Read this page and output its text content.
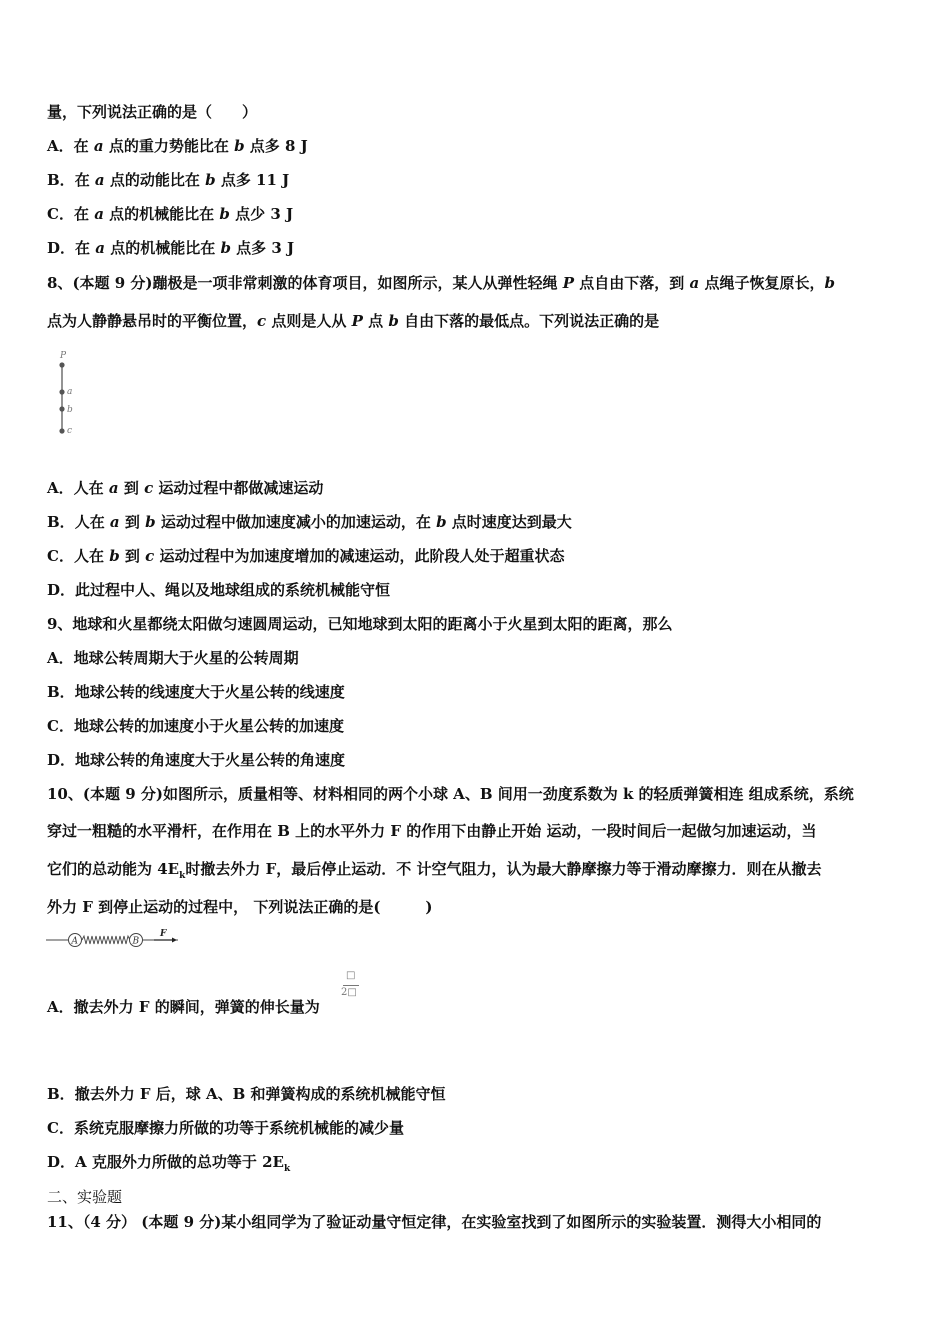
量，下列说法正确的是（　　）
A．在 a 点的重力势能比在 b 点多 8 J
B．在 a 点的动能比在 b 点多 11 J
C．在 a 点的机械能比在 b 点少 3 J
D．在 a 点的机械能比在 b 点多 3 J
8、(本题 9 分)蹦极是一项非常刺激的体育项目，如图所示，某人从弹性轻绳 P 点自由下落，到 a 点绳子恢复原长，b
点为人静静悬吊时的平衡位置，c 点则是人从 P 点 b 自由下落的最低点。下列说法正确的是
P
a
b
c
A．人在 a 到 c 运动过程中都做减速运动
B．人在 a 到 b 运动过程中做加速度减小的加速运动，在 b 点时速度达到最大
C．人在 b 到 c 运动过程中为加速度增加的减速运动，此阶段人处于超重状态
D．此过程中人、绳以及地球组成的系统机械能守恒
9、地球和火星都绕太阳做匀速圆周运动，已知地球到太阳的距离小于火星到太阳的距离，那么
A．地球公转周期大于火星的公转周期
B．地球公转的线速度大于火星公转的线速度
C．地球公转的加速度小于火星公转的加速度
D．地球公转的角速度大于火星公转的角速度
10、(本题 9 分)如图所示，质量相等、材料相同的两个小球 A、B 间用一劲度系数为 k 的轻质弹簧相连 组成系统，系统
穿过一粗糙的水平滑杆，在作用在 B 上的水平外力 F 的作用下由静止开始 运动，一段时间后一起做匀加速运动，当
它们的总动能为 $4E_k$时撤去外力 F，最后停止运动．不 计空气阻力，认为最大静摩擦力等于滑动摩擦力．则在从撤去
外力 F 到停止运动的过程中， 下列说法正确的是(　　　)
A	B
F
□
2□
A．撤去外力 F 的瞬间，弹簧的伸长量为
B．撤去外力 F 后，球 A、B 和弹簧构成的系统机械能守恒
C．系统克服摩擦力所做的功等于系统机械能的减少量
D．A 克服外力所做的总功等于 $2E_k$
二、实验题
11、（4 分） (本题 9 分)某小组同学为了验证动量守恒定律，在实验室找到了如图所示的实验装置．测得大小相同的
